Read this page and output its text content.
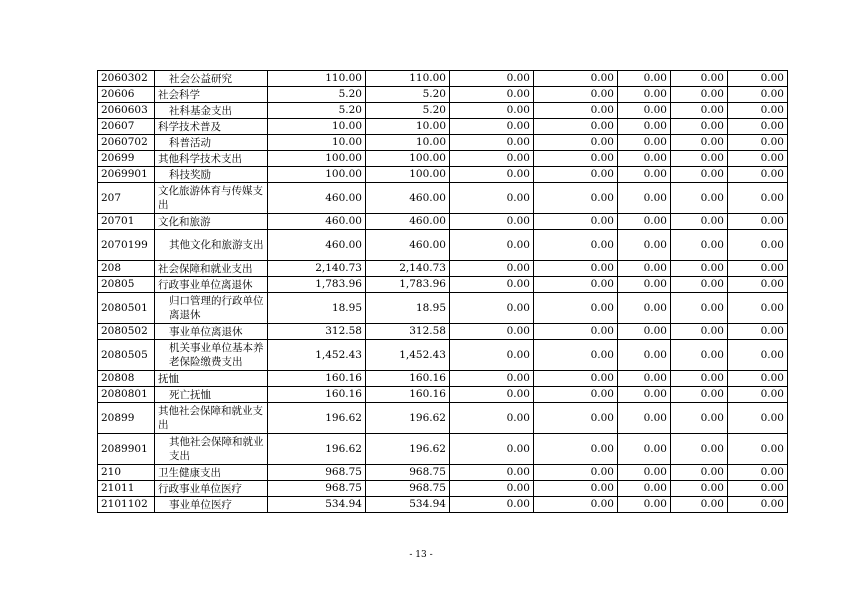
2060302	社会公益研究	110.00	110.00	0.00	0.00	0.00	0.00	0.00
20606	社会科学	5.20	5.20	0.00	0.00	0.00	0.00	0.00
2060603	社科基金支出	5.20	5.20	0.00	0.00	0.00	0.00	0.00
20607	科学技术普及	10.00	10.00	0.00	0.00	0.00	0.00	0.00
2060702	科普活动	10.00	10.00	0.00	0.00	0.00	0.00	0.00
20699	其他科学技术支出	100.00	100.00	0.00	0.00	0.00	0.00	0.00
2069901	科技奖励	100.00	100.00	0.00	0.00	0.00	0.00	0.00
207	文化旅游体育与传媒支出	460.00	460.00	0.00	0.00	0.00	0.00	0.00
20701	文化和旅游	460.00	460.00	0.00	0.00	0.00	0.00	0.00
2070199	其他文化和旅游支出	460.00	460.00	0.00	0.00	0.00	0.00	0.00
208	社会保障和就业支出	2,140.73	2,140.73	0.00	0.00	0.00	0.00	0.00
20805	行政事业单位离退休	1,783.96	1,783.96	0.00	0.00	0.00	0.00	0.00
2080501	归口管理的行政单位离退休	18.95	18.95	0.00	0.00	0.00	0.00	0.00
2080502	事业单位离退休	312.58	312.58	0.00	0.00	0.00	0.00	0.00
2080505	机关事业单位基本养老保险缴费支出	1,452.43	1,452.43	0.00	0.00	0.00	0.00	0.00
20808	抚恤	160.16	160.16	0.00	0.00	0.00	0.00	0.00
2080801	死亡抚恤	160.16	160.16	0.00	0.00	0.00	0.00	0.00
20899	其他社会保障和就业支出	196.62	196.62	0.00	0.00	0.00	0.00	0.00
2089901	其他社会保障和就业支出	196.62	196.62	0.00	0.00	0.00	0.00	0.00
210	卫生健康支出	968.75	968.75	0.00	0.00	0.00	0.00	0.00
21011	行政事业单位医疗	968.75	968.75	0.00	0.00	0.00	0.00	0.00
2101102	事业单位医疗	534.94	534.94	0.00	0.00	0.00	0.00	0.00
- 13 -
